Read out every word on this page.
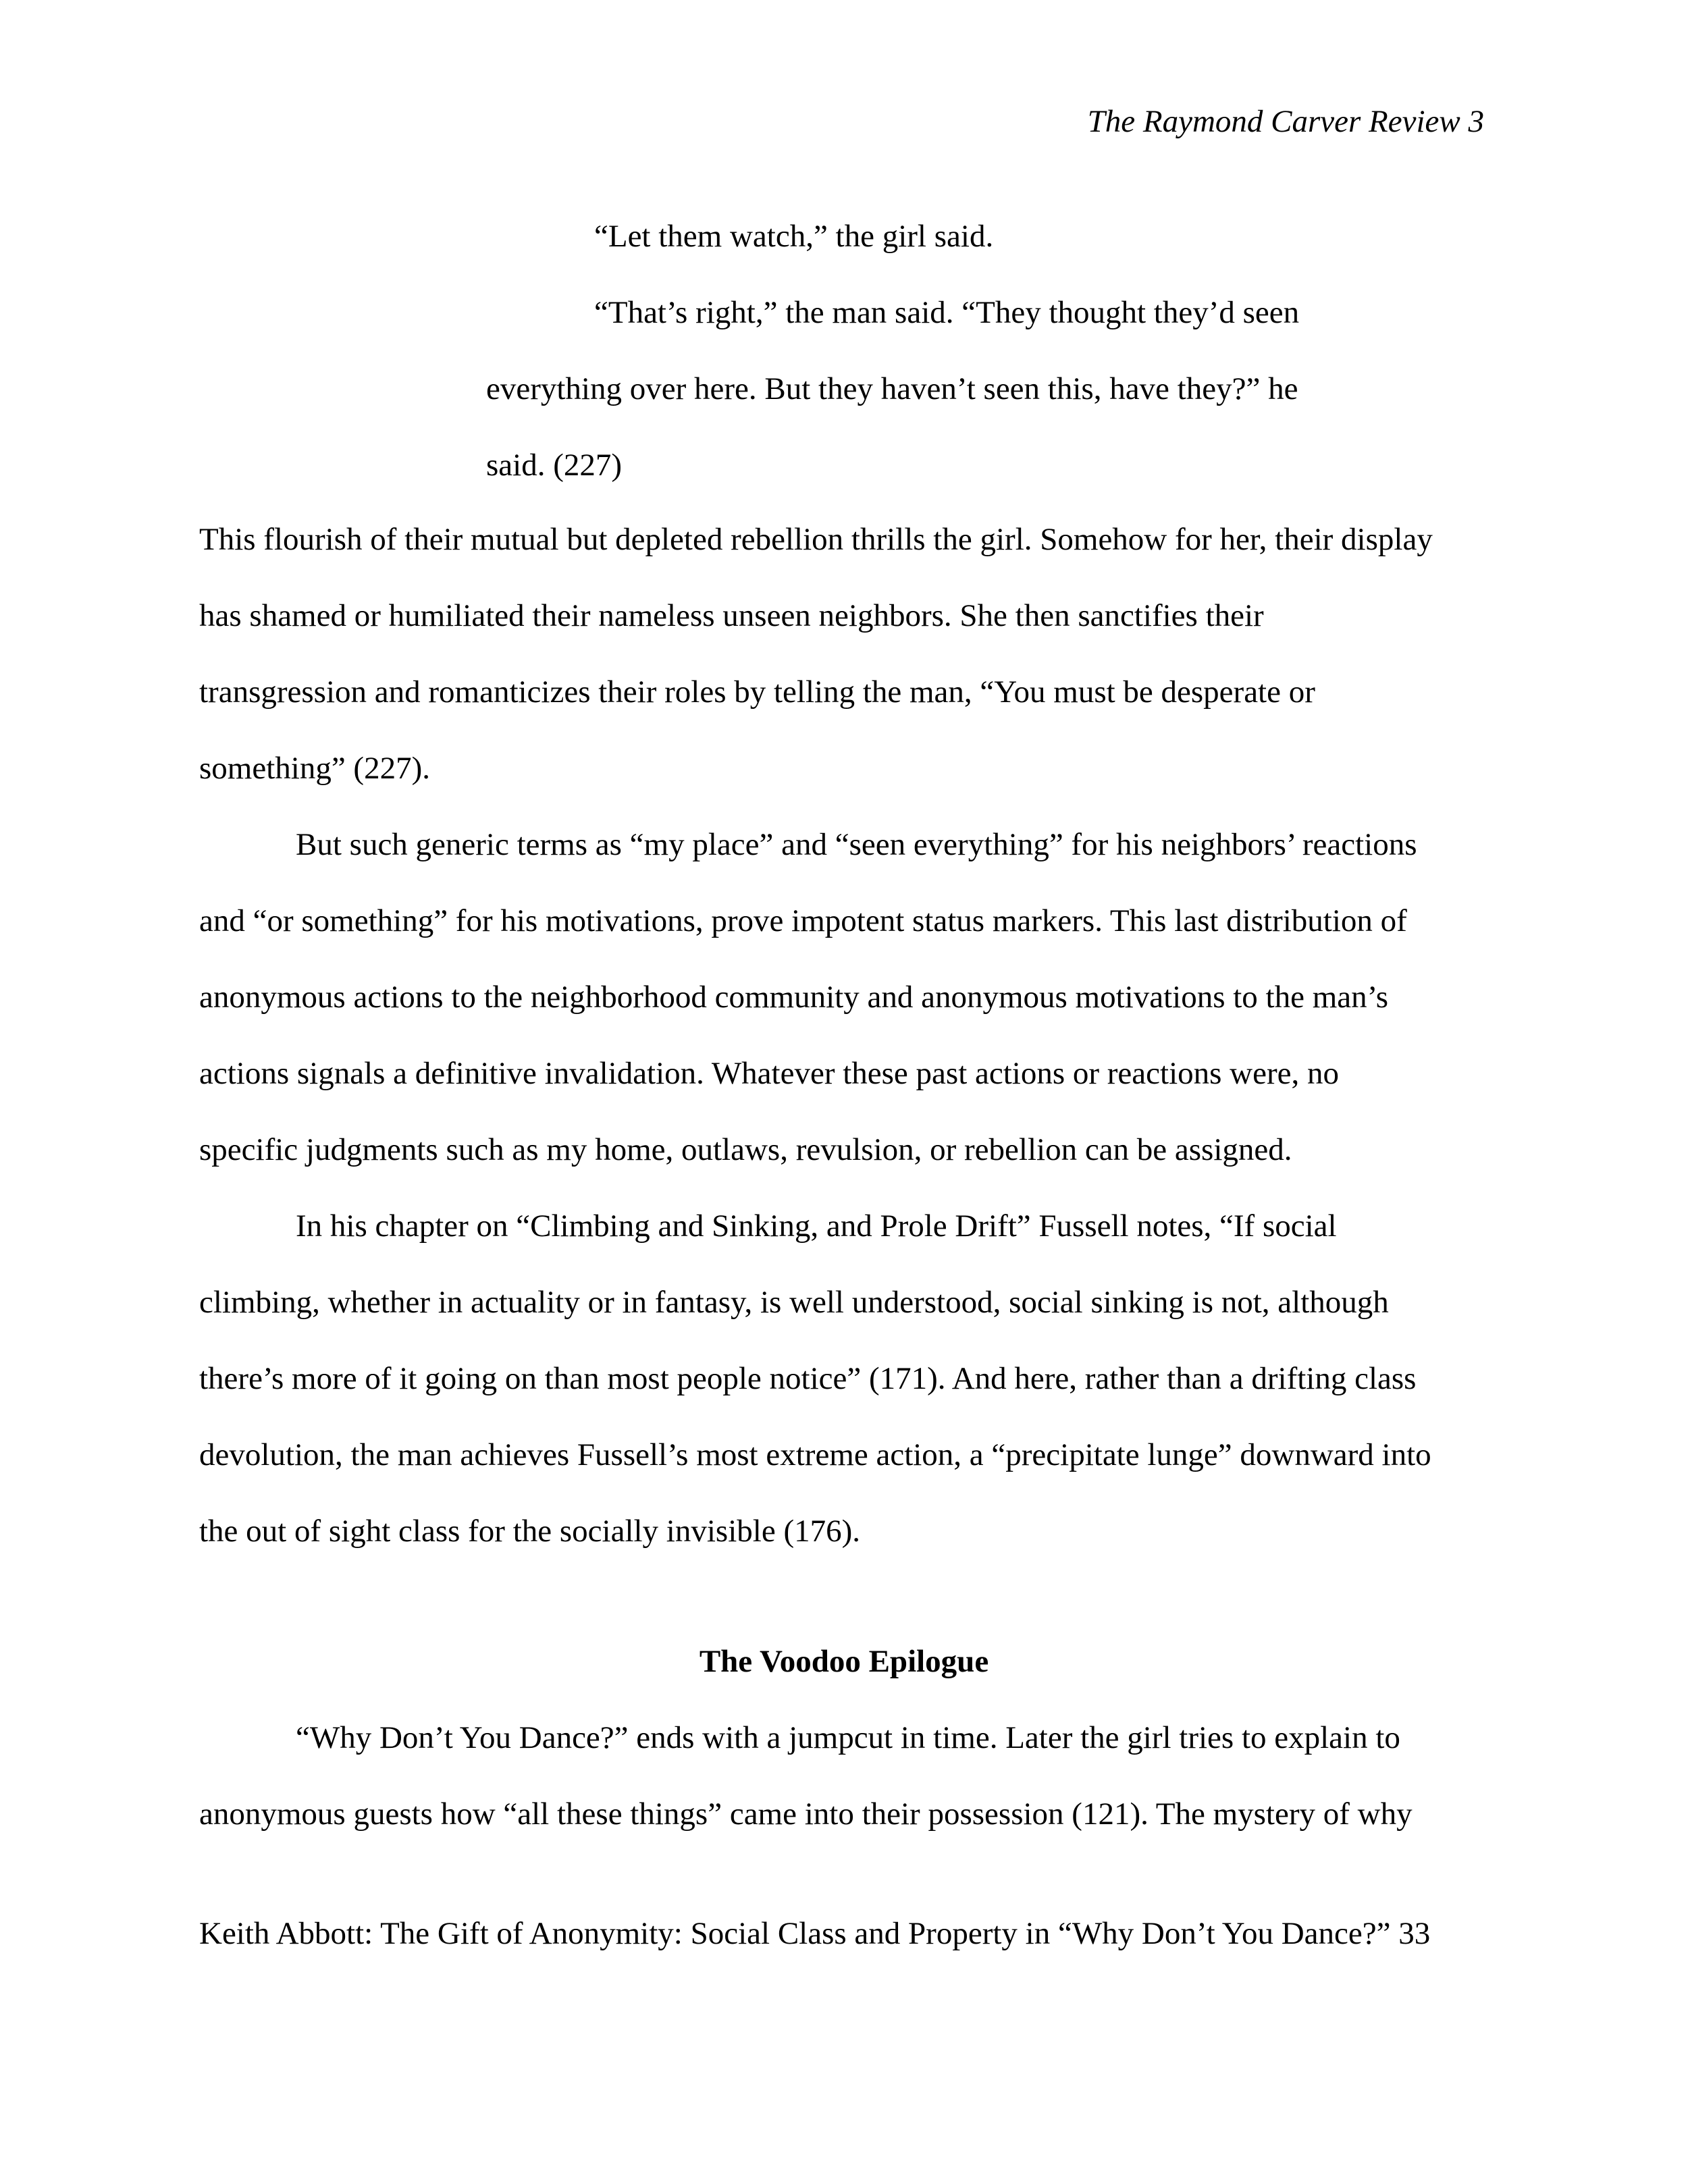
The Raymond Carver Review 3
“Let them watch,” the girl said.
“That’s right,” the man said. “They thought they’d seen
everything over here. But they haven’t seen this, have they?” he
said. (227)
This flourish of their mutual but depleted rebellion thrills the girl. Somehow for her, their display
has shamed or humiliated their nameless unseen neighbors. She then sanctifies their
transgression and romanticizes their roles by telling the man, “You must be desperate or
something” (227).
But such generic terms as “my place” and “seen everything” for his neighbors’ reactions
and “or something” for his motivations, prove impotent status markers. This last distribution of
anonymous actions to the neighborhood community and anonymous motivations to the man’s
actions signals a definitive invalidation. Whatever these past actions or reactions were, no
specific judgments such as my home, outlaws, revulsion, or rebellion can be assigned.
In his chapter on “Climbing and Sinking, and Prole Drift” Fussell notes, “If social
climbing, whether in actuality or in fantasy, is well understood, social sinking is not, although
there’s more of it going on than most people notice” (171). And here, rather than a drifting class
devolution, the man achieves Fussell’s most extreme action, a “precipitate lunge” downward into
the out of sight class for the socially invisible (176).
The Voodoo Epilogue
“Why Don’t You Dance?” ends with a jumpcut in time. Later the girl tries to explain to
anonymous guests how “all these things” came into their possession (121). The mystery of why
Keith Abbott: The Gift of Anonymity: Social Class and Property in “Why Don’t You Dance?” 33
